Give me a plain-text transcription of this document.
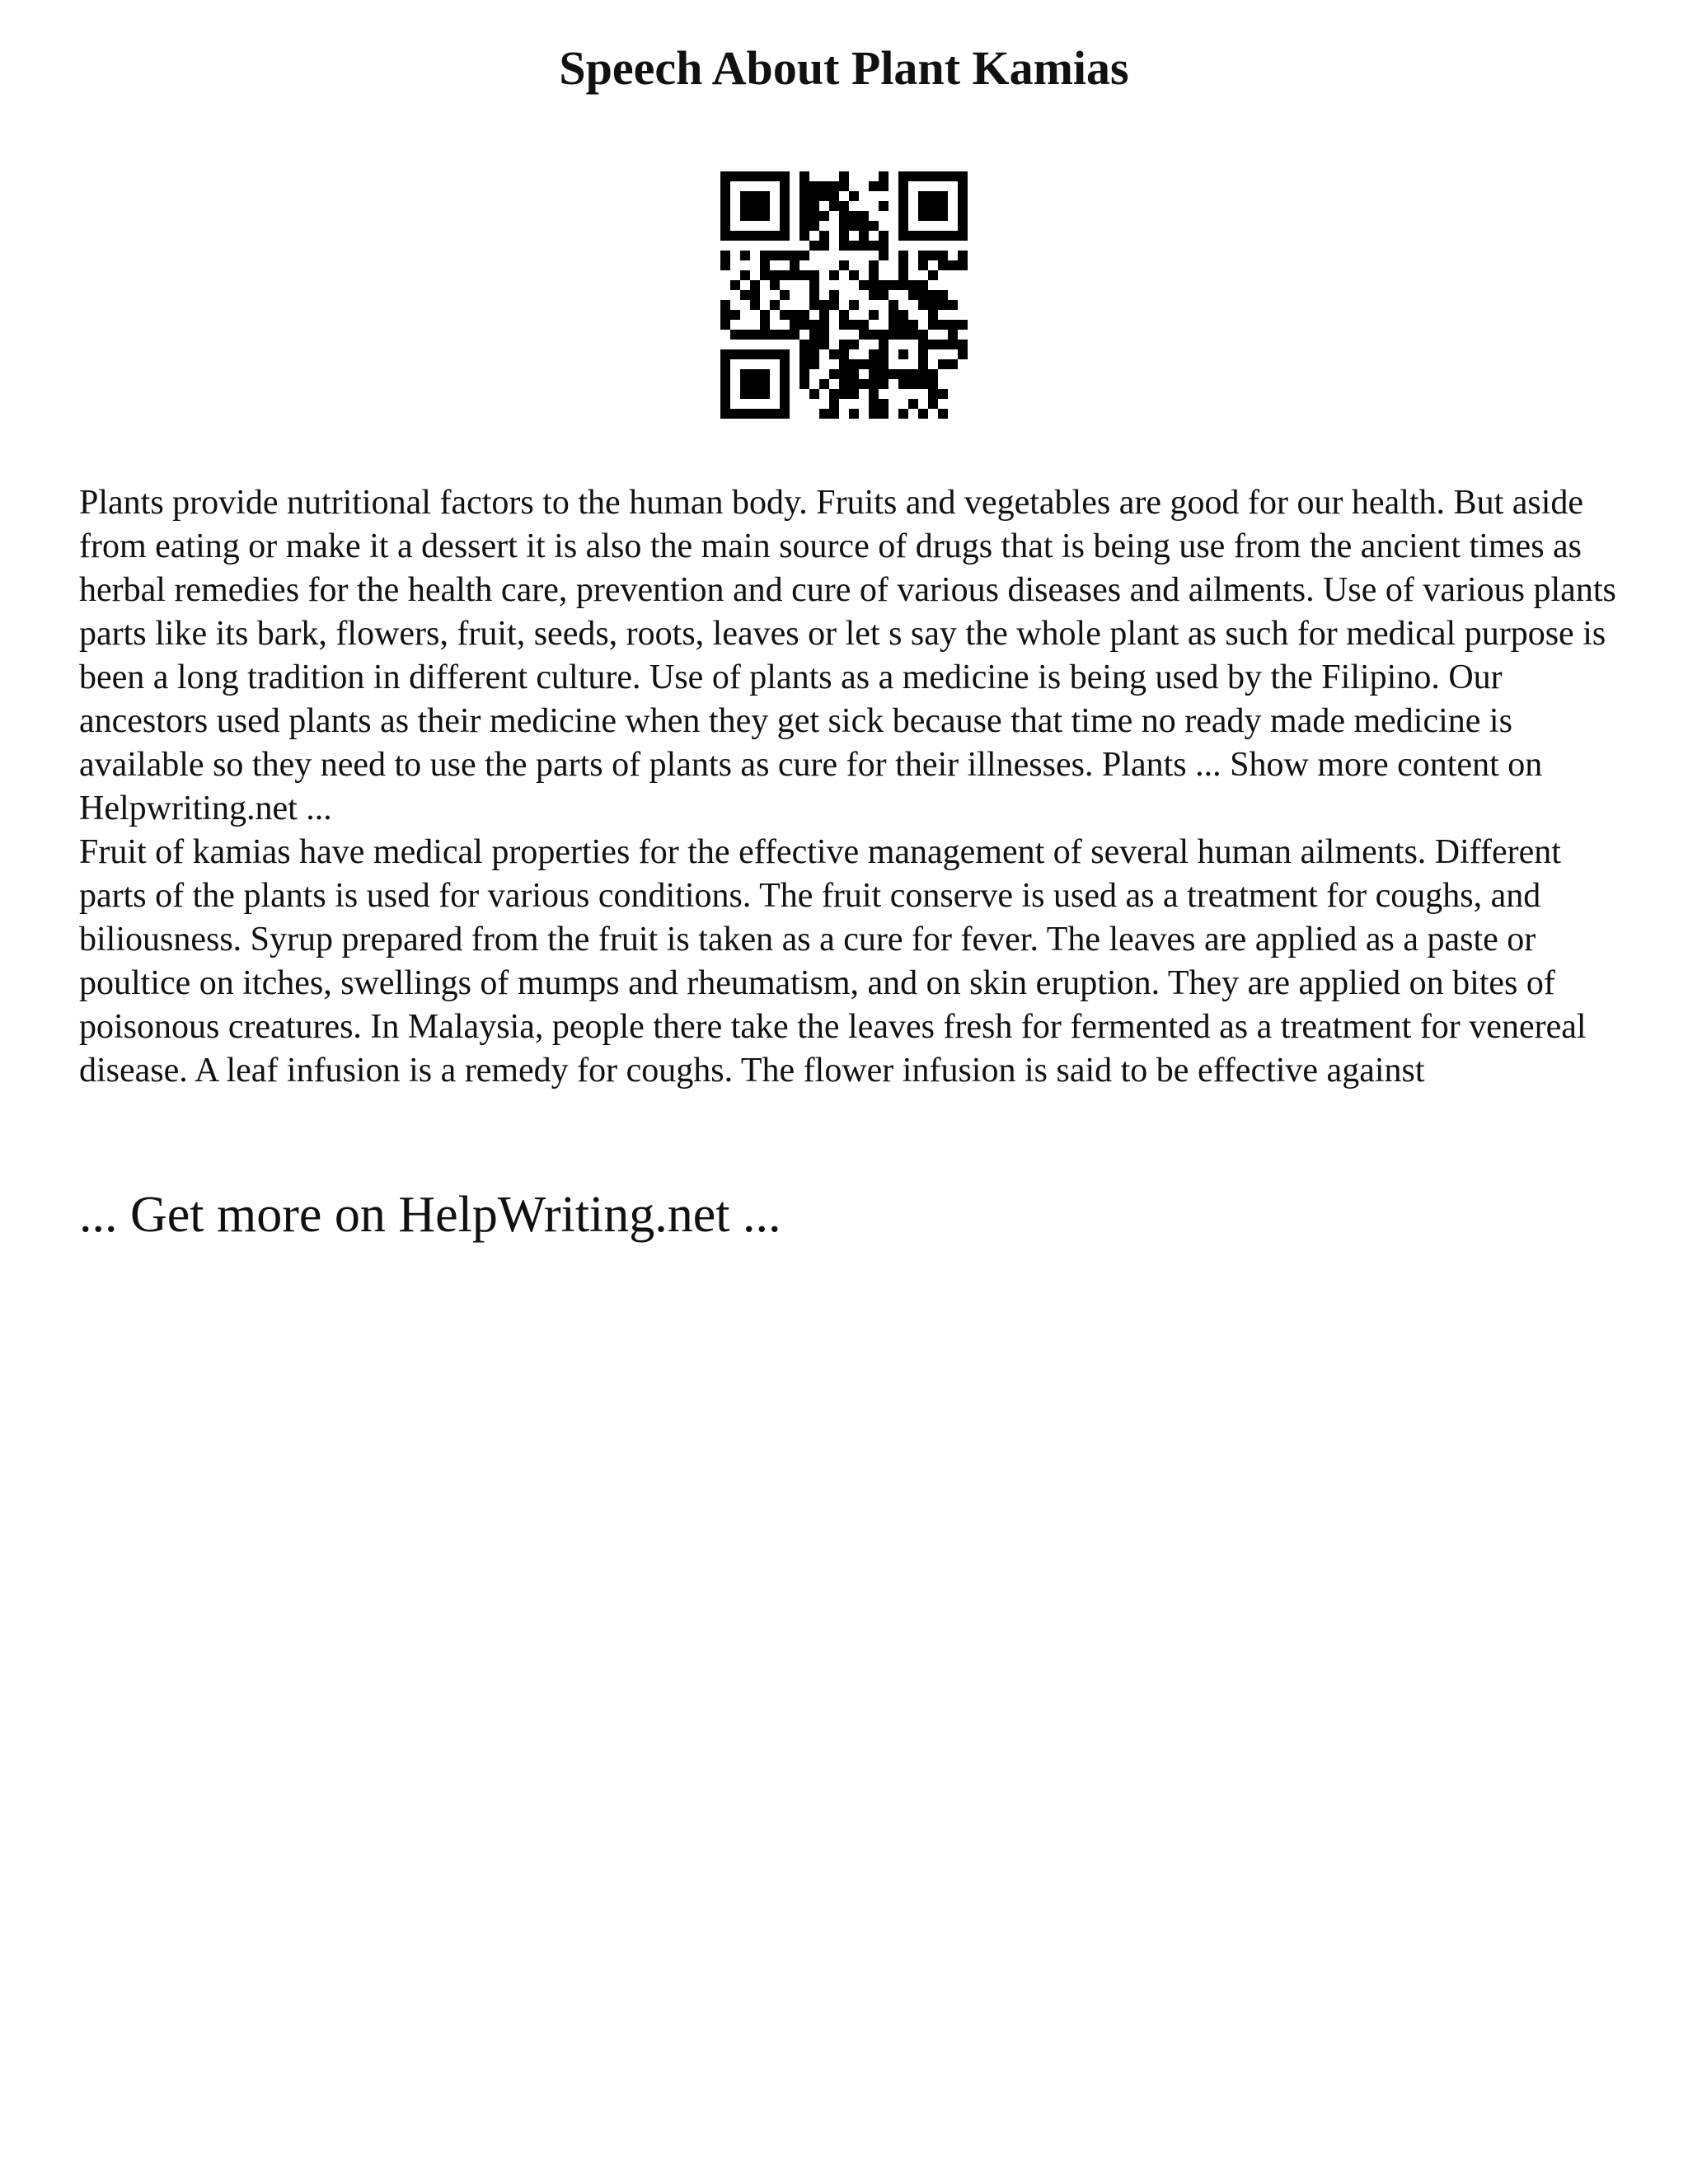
Speech About Plant Kamias

Plants provide nutritional factors to the human body. Fruits and vegetables are good for our health. But aside from eating or make it a dessert it is also the main source of drugs that is being use from the ancient times as herbal remedies for the health care, prevention and cure of various diseases and ailments. Use of various plants parts like its bark, flowers, fruit, seeds, roots, leaves or let s say the whole plant as such for medical purpose is been a long tradition in different culture. Use of plants as a medicine is being used by the Filipino. Our ancestors used plants as their medicine when they get sick because that time no ready made medicine is available so they need to use the parts of plants as cure for their illnesses. Plants ... Show more content on Helpwriting.net ...

Fruit of kamias have medical properties for the effective management of several human ailments. Different parts of the plants is used for various conditions. The fruit conserve is used as a treatment for coughs, and biliousness. Syrup prepared from the fruit is taken as a cure for fever. The leaves are applied as a paste or poultice on itches, swellings of mumps and rheumatism, and on skin eruption. They are applied on bites of poisonous creatures. In Malaysia, people there take the leaves fresh for fermented as a treatment for venereal disease. A leaf infusion is a remedy for coughs. The flower infusion is said to be effective against

... Get more on HelpWriting.net ...
